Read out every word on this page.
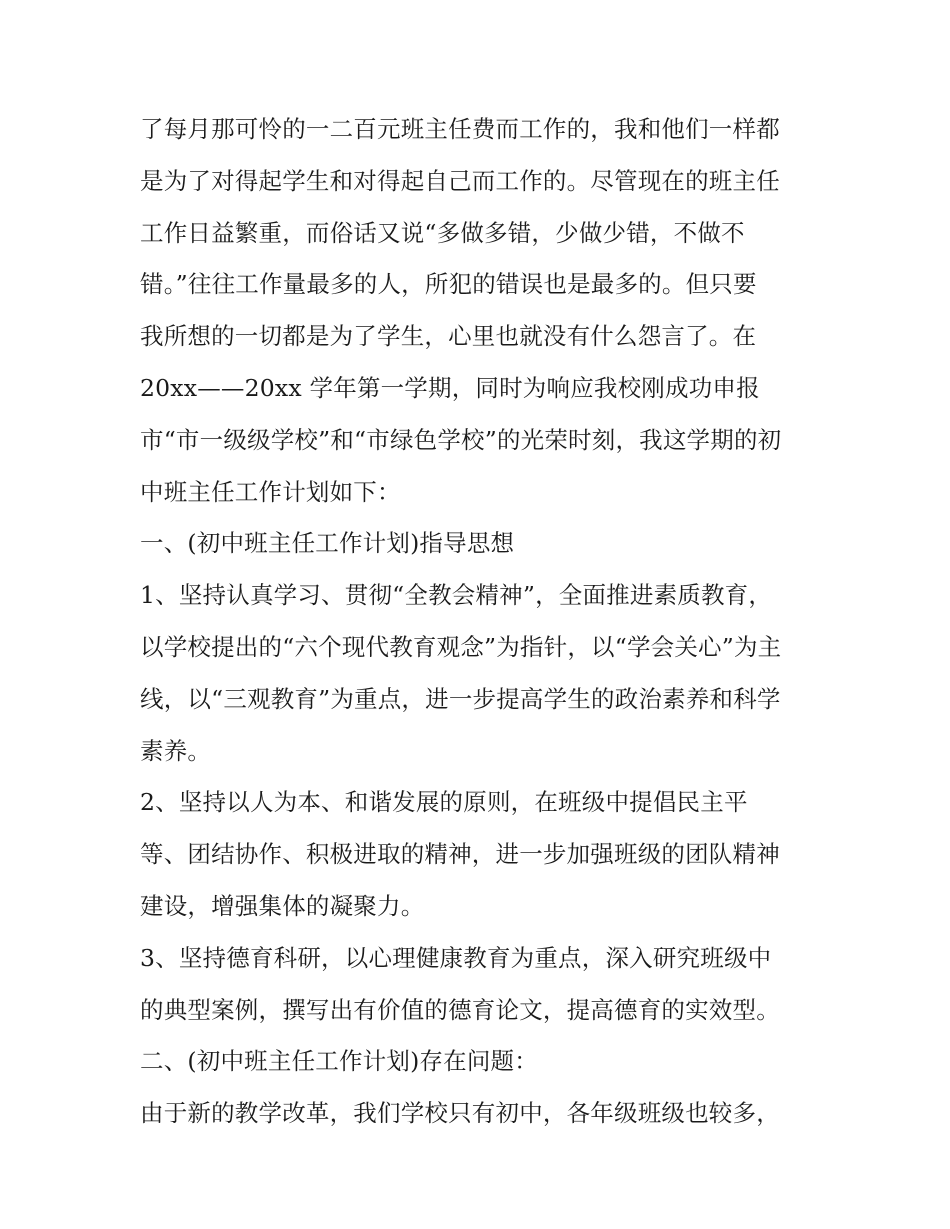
了每月那可怜的一二百元班主任费而工作的，我和他们一样都
是为了对得起学生和对得起自己而工作的。尽管现在的班主任
工作日益繁重，而俗话又说“多做多错，少做少错，不做不
错。”往往工作量最多的人，所犯的错误也是最多的。但只要
我所想的一切都是为了学生，心里也就没有什么怨言了。在
20xx——20xx 学年第一学期，同时为响应我校刚成功申报
市“市一级级学校”和“市绿色学校”的光荣时刻，我这学期的初
中班主任工作计划如下：
一、(初中班主任工作计划)指导思想
1、坚持认真学习、贯彻“全教会精神”，全面推进素质教育，
以学校提出的“六个现代教育观念”为指针，以“学会关心”为主
线，以“三观教育”为重点，进一步提高学生的政治素养和科学
素养。
2、坚持以人为本、和谐发展的原则，在班级中提倡民主平
等、团结协作、积极进取的精神，进一步加强班级的团队精神
建设，增强集体的凝聚力。
3、坚持德育科研，以心理健康教育为重点，深入研究班级中
的典型案例，撰写出有价值的德育论文，提高德育的实效型。
二、(初中班主任工作计划)存在问题：
由于新的教学改革，我们学校只有初中，各年级班级也较多，
